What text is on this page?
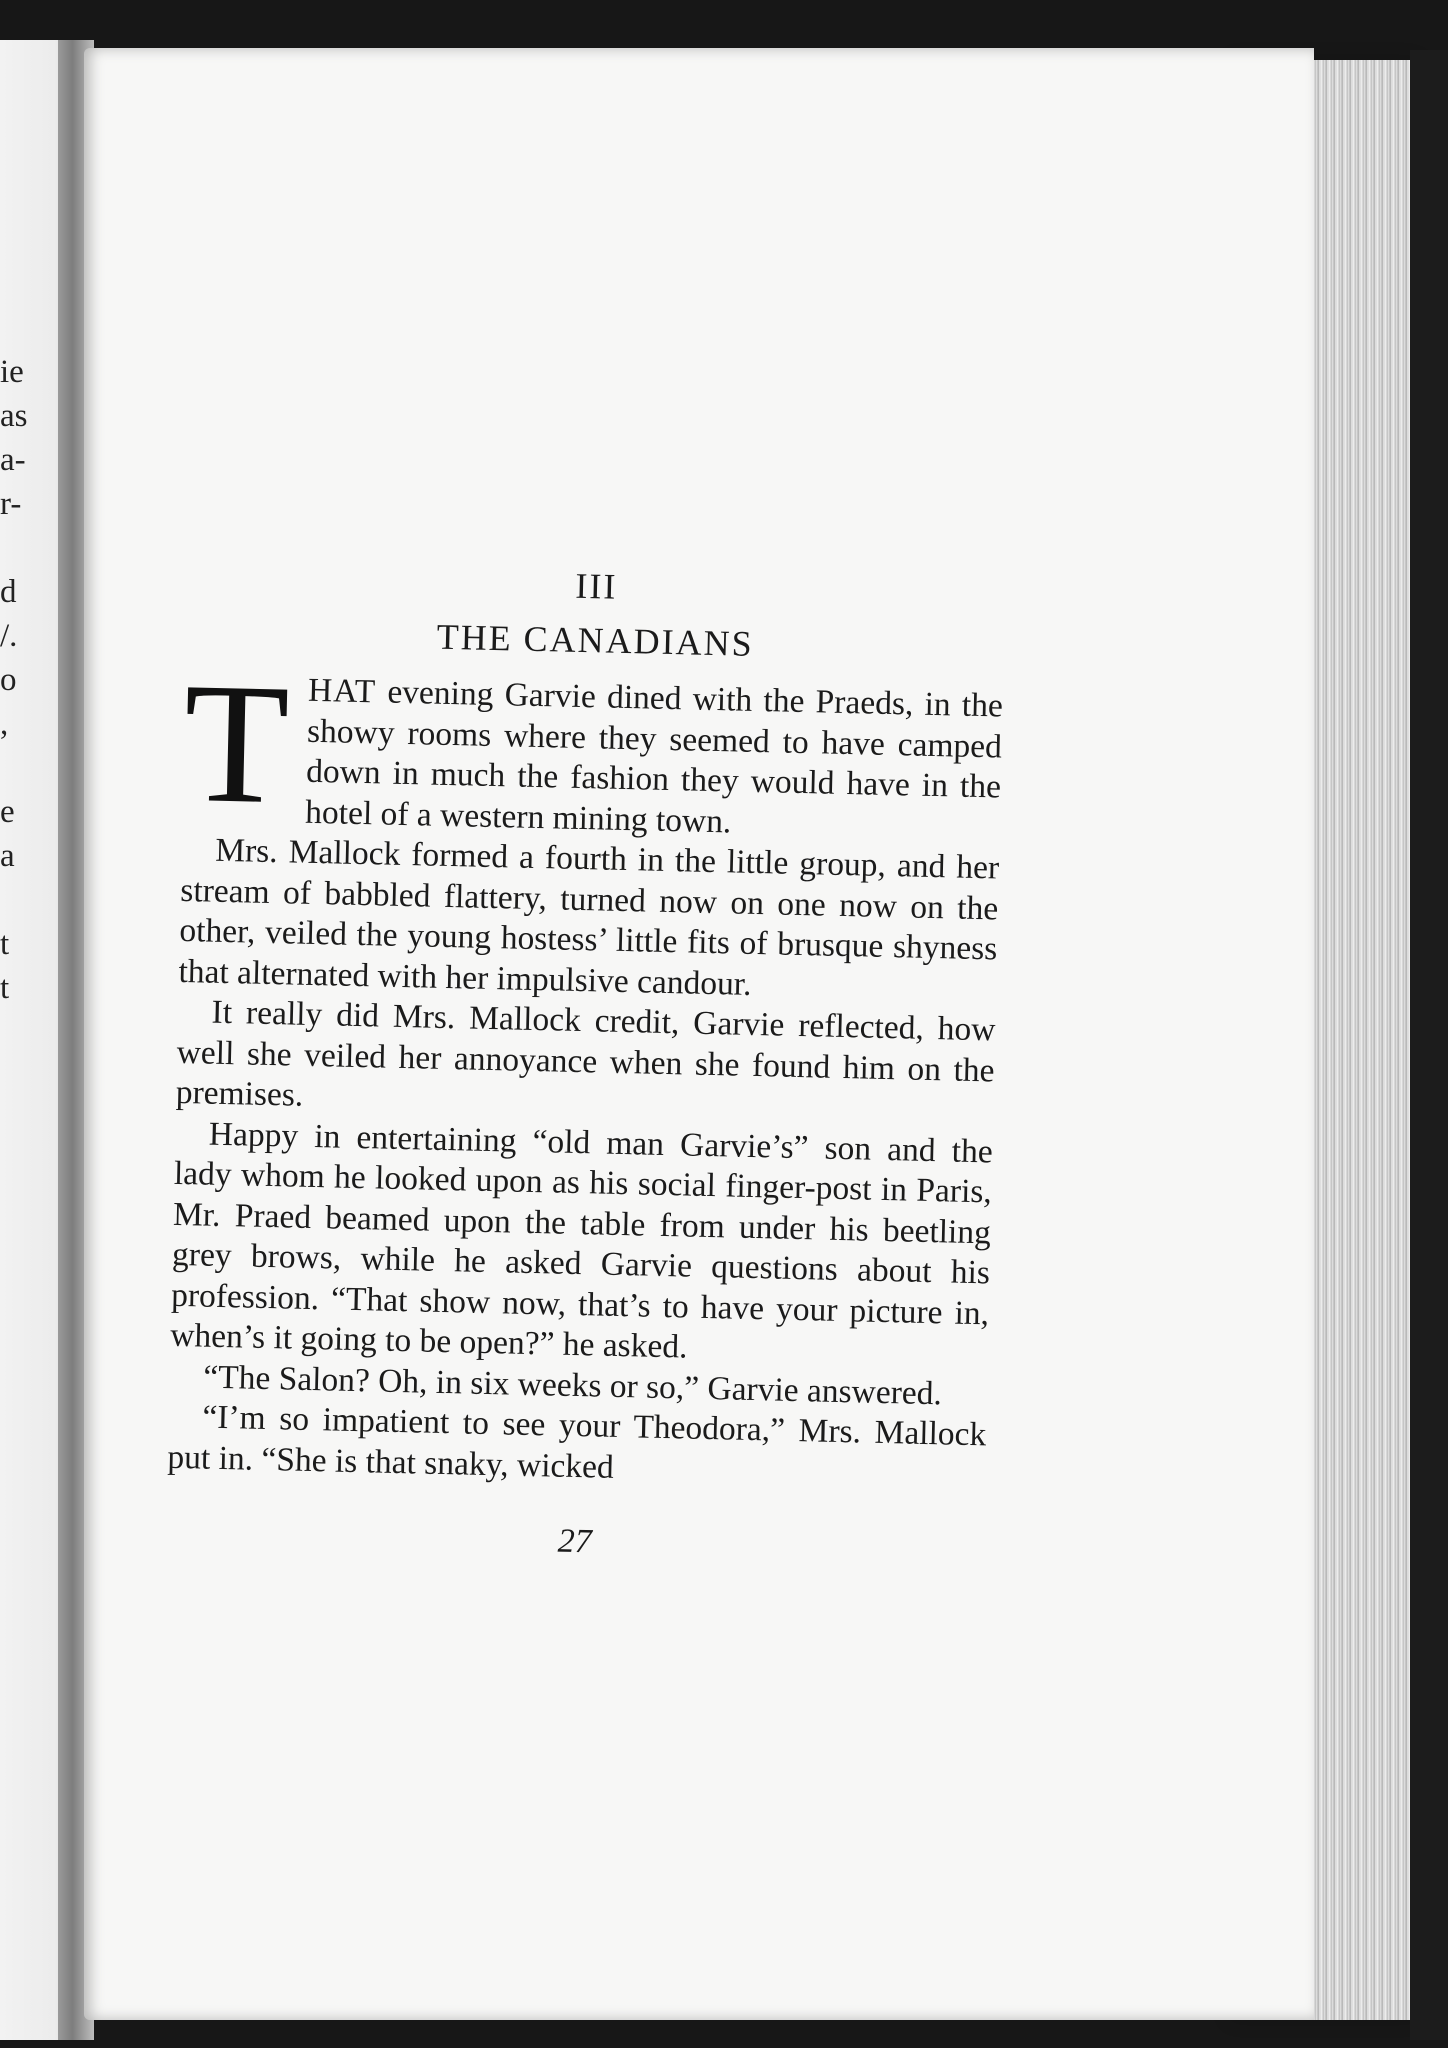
ie
as
a-
r-
d
/.
o
,
e
a
t
t
III
THE CANADIANS

THAT evening Garvie dined with the Praeds, in the showy rooms where they seemed to have camped down in much the fashion they would have in the hotel of a western mining town.

Mrs. Mallock formed a fourth in the little group, and her stream of babbled flattery, turned now on one now on the other, veiled the young hostess’ little fits of brusque shyness that alternated with her impulsive candour.

It really did Mrs. Mallock credit, Garvie reflected, how well she veiled her annoyance when she found him on the premises.

Happy in entertaining “old man Garvie’s” son and the lady whom he looked upon as his social finger-post in Paris, Mr. Praed beamed upon the table from under his beetling grey brows, while he asked Garvie questions about his profession. “That show now, that’s to have your picture in, when’s it going to be open?” he asked.

“The Salon? Oh, in six weeks or so,” Garvie answered.

“I’m so impatient to see your Theodora,” Mrs. Mallock put in. “She is that snaky, wicked

27
